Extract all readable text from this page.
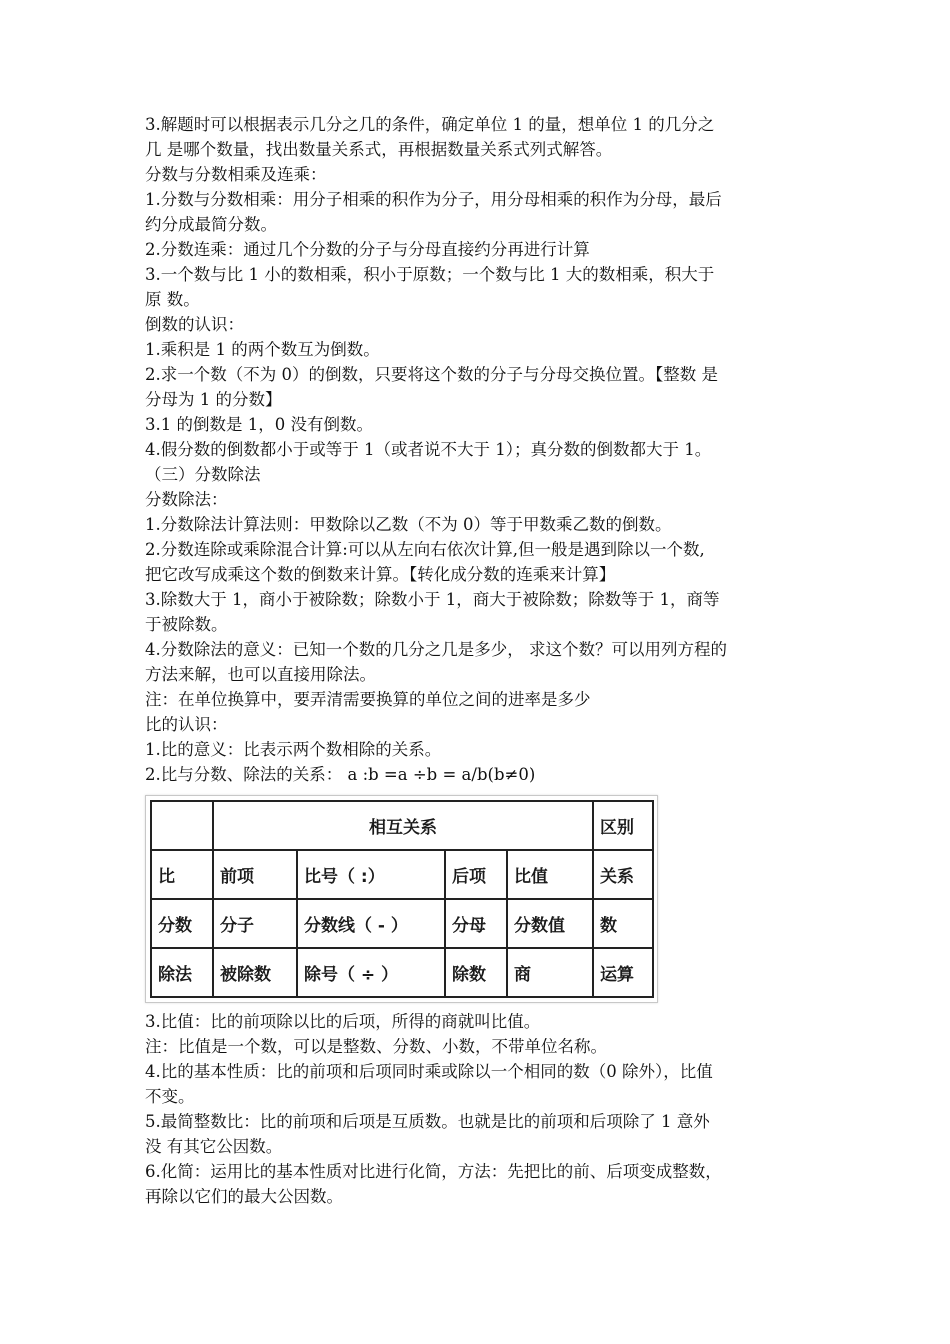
3.解题时可以根据表示几分之几的条件，确定单位 1 的量，想单位 1 的几分之
几 是哪个数量，找出数量关系式，再根据数量关系式列式解答。
分数与分数相乘及连乘：
1.分数与分数相乘：用分子相乘的积作为分子，用分母相乘的积作为分母，最后
约分成最简分数。
2.分数连乘：通过几个分数的分子与分母直接约分再进行计算
3.一个数与比 1 小的数相乘，积小于原数；一个数与比 1 大的数相乘，积大于
原 数。
倒数的认识：
1.乘积是 1 的两个数互为倒数。
2.求一个数（不为 0）的倒数，只要将这个数的分子与分母交换位置。【整数 是
分母为 1 的分数】
3.1 的倒数是 1，0 没有倒数。
4.假分数的倒数都小于或等于 1（或者说不大于 1）；真分数的倒数都大于 1。
（三）分数除法
分数除法：
1.分数除法计算法则：甲数除以乙数（不为 0）等于甲数乘乙数的倒数。
2.分数连除或乘除混合计算:可以从左向右依次计算,但一般是遇到除以一个数,
把它改写成乘这个数的倒数来计算。【转化成分数的连乘来计算】
3.除数大于 1，商小于被除数；除数小于 1，商大于被除数；除数等于 1，商等
于被除数。
4.分数除法的意义：已知一个数的几分之几是多少， 求这个数？可以用列方程的
方法来解，也可以直接用除法。
注：在单位换算中，要弄清需要换算的单位之间的进率是多少
比的认识：
1.比的意义：比表示两个数相除的关系。
2.比与分数、除法的关系： a :b =a ÷b = a/b(b≠0)
	相互关系				区别
比	前项	比号（ :）	后项	比值	关系
分数	分子	分数线（ - ）	分母	分数值	数
除法	被除数	除号（ ÷ ）	除数	商	运算
3.比值：比的前项除以比的后项，所得的商就叫比值。
注：比值是一个数，可以是整数、分数、小数，不带单位名称。
4.比的基本性质：比的前项和后项同时乘或除以一个相同的数（0 除外），比值
不变。
5.最简整数比：比的前项和后项是互质数。也就是比的前项和后项除了 1 意外
没 有其它公因数。
6.化简：运用比的基本性质对比进行化简，方法：先把比的前、后项变成整数，
再除以它们的最大公因数。
